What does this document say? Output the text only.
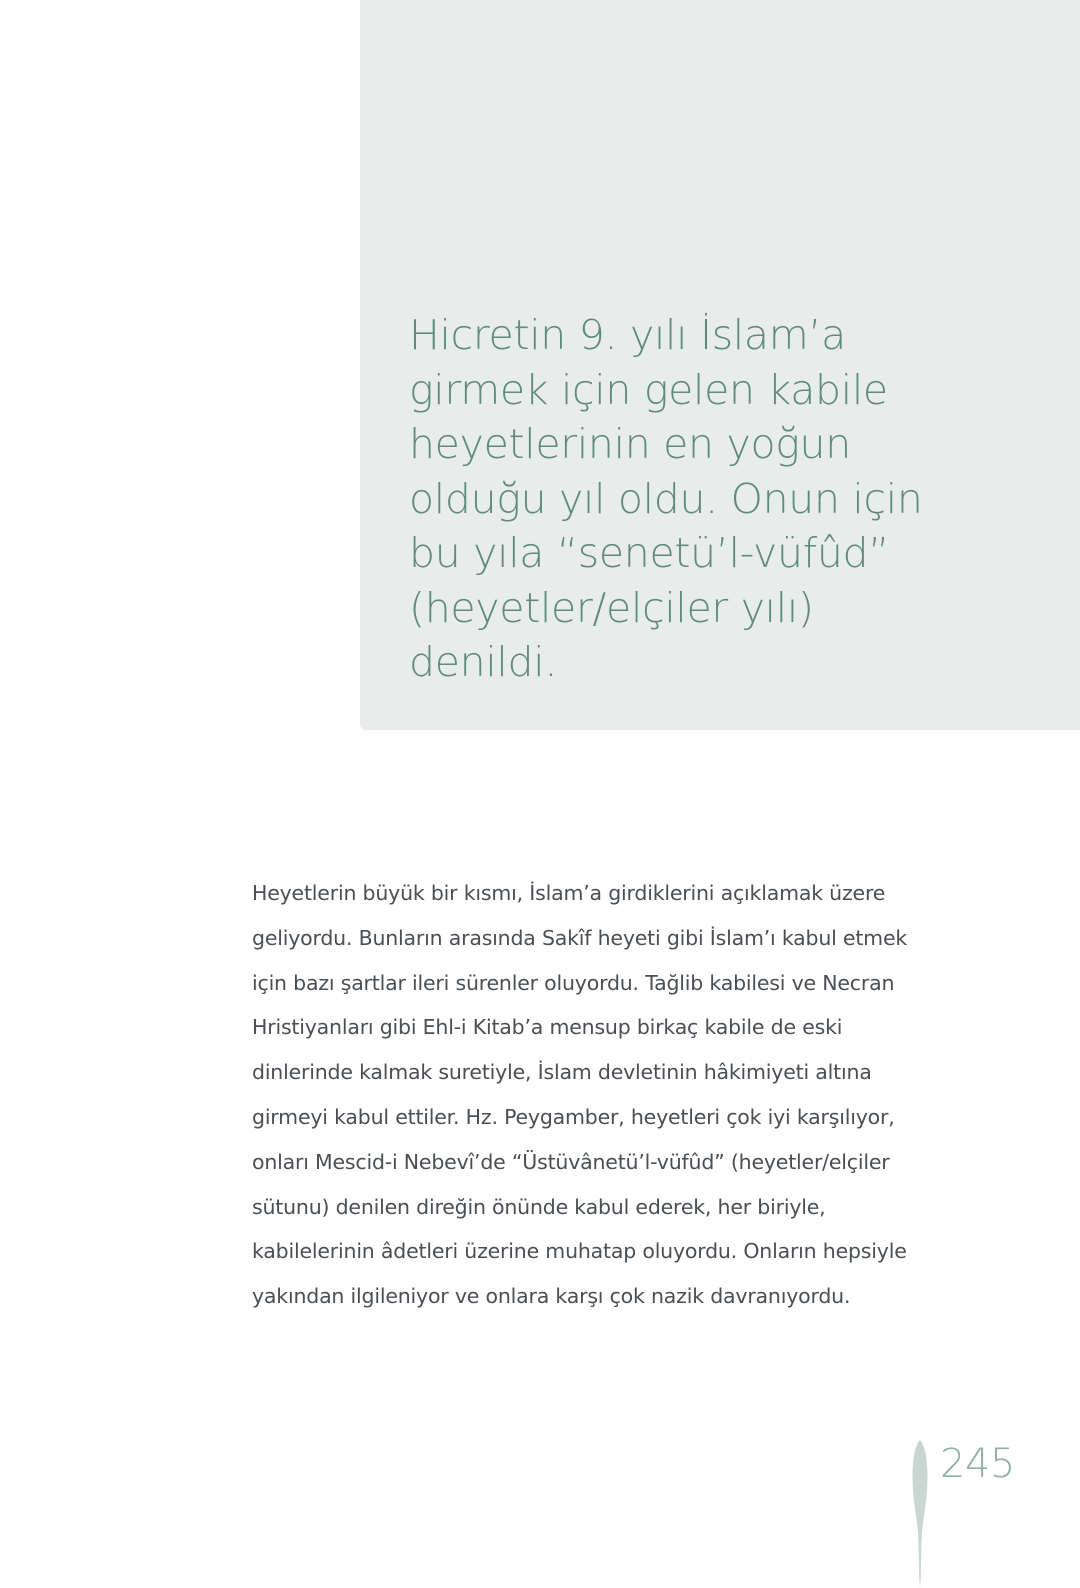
Hicretin 9. yılı İslam’a girmek için gelen kabile heyetlerinin en yoğun olduğu yıl oldu. Onun için bu yıla “senetü’l-vüfûd” (heyetler/elçiler yılı) denildi.

Heyetlerin büyük bir kısmı, İslam’a girdiklerini açıklamak üzere geliyordu. Bunların arasında Sakîf heyeti gibi İslam’ı kabul etmek için bazı şartlar ileri sürenler oluyordu. Tağlib kabilesi ve Necran Hristiyanları gibi Ehl-i Kitab’a mensup birkaç kabile de eski dinlerinde kalmak suretiyle, İslam devletinin hâkimiyeti altına girmeyi kabul ettiler. Hz. Peygamber, heyetleri çok iyi karşılıyor, onları Mescid-i Nebevî’de “Üstüvânetü’l-vüfûd” (heyetler/elçiler sütunu) denilen direğin önünde kabul ederek, her biriyle, kabilelerinin âdetleri üzerine muhatap oluyordu. Onların hepsiyle yakından ilgileniyor ve onlara karşı çok nazik davranıyordu.

245
